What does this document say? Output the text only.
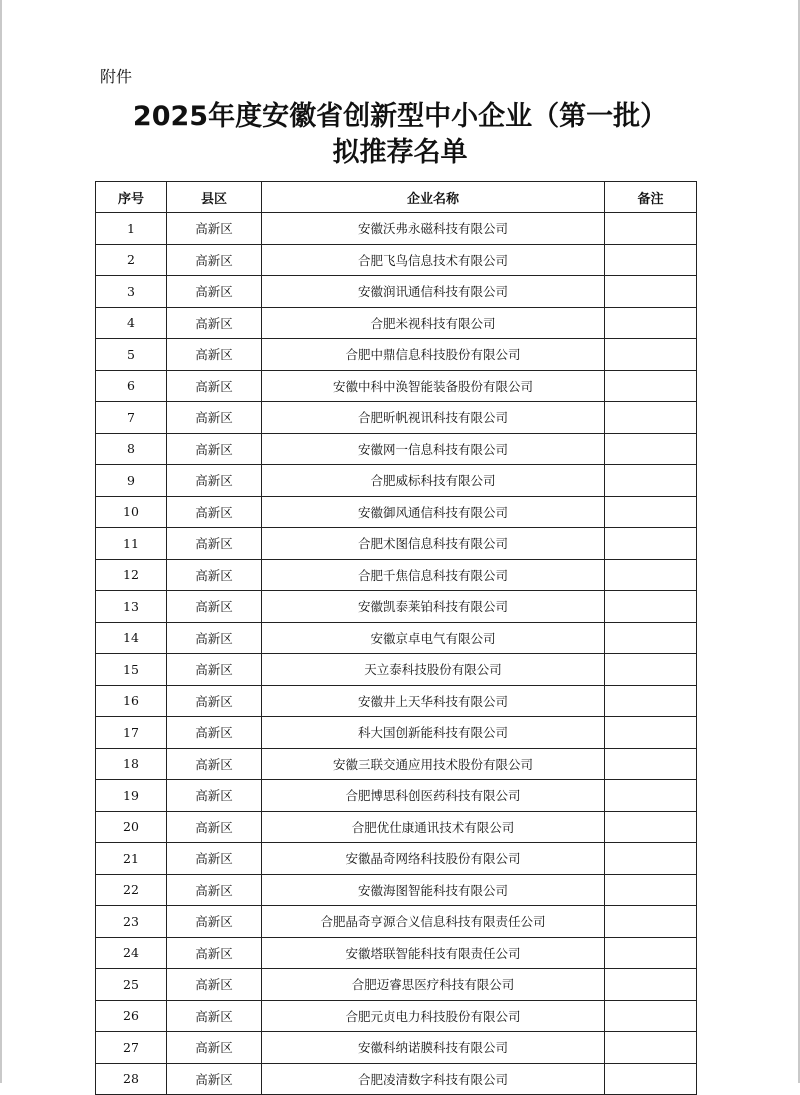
附件
2025年度安徽省创新型中小企业（第一批）
拟推荐名单
序号	县区	企业名称	备注
1	高新区	安徽沃弗永磁科技有限公司	
2	高新区	合肥飞鸟信息技术有限公司	
3	高新区	安徽润讯通信科技有限公司	
4	高新区	合肥米视科技有限公司	
5	高新区	合肥中鼎信息科技股份有限公司	
6	高新区	安徽中科中涣智能装备股份有限公司	
7	高新区	合肥昕帆视讯科技有限公司	
8	高新区	安徽网一信息科技有限公司	
9	高新区	合肥威标科技有限公司	
10	高新区	安徽御风通信科技有限公司	
11	高新区	合肥术图信息科技有限公司	
12	高新区	合肥千焦信息科技有限公司	
13	高新区	安徽凯泰莱铂科技有限公司	
14	高新区	安徽京卓电气有限公司	
15	高新区	天立泰科技股份有限公司	
16	高新区	安徽井上天华科技有限公司	
17	高新区	科大国创新能科技有限公司	
18	高新区	安徽三联交通应用技术股份有限公司	
19	高新区	合肥博思科创医药科技有限公司	
20	高新区	合肥优仕康通讯技术有限公司	
21	高新区	安徽晶奇网络科技股份有限公司	
22	高新区	安徽海图智能科技有限公司	
23	高新区	合肥晶奇亨源合义信息科技有限责任公司	
24	高新区	安徽塔联智能科技有限责任公司	
25	高新区	合肥迈睿思医疗科技有限公司	
26	高新区	合肥元贞电力科技股份有限公司	
27	高新区	安徽科纳诺膜科技有限公司	
28	高新区	合肥凌清数字科技有限公司	
